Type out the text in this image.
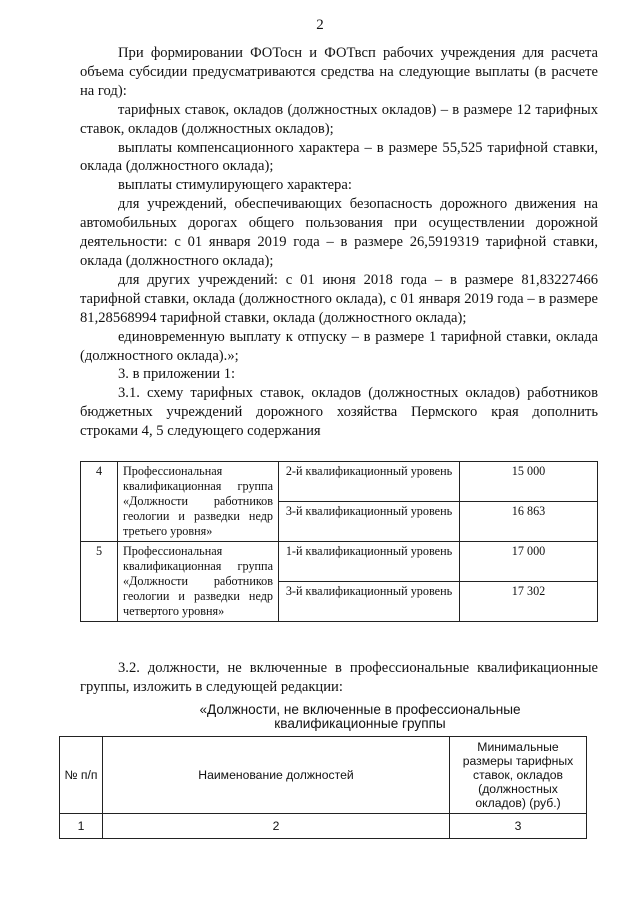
2

При формировании ФОТосн и ФОТвсп рабочих учреждения для расчета объема субсидии предусматриваются средства на следующие выплаты (в расчете на год):

тарифных ставок, окладов (должностных окладов) – в размере 12 тарифных ставок, окладов (должностных окладов);

выплаты компенсационного характера – в размере 55,525 тарифной ставки, оклада (должностного оклада);

выплаты стимулирующего характера:

для учреждений, обеспечивающих безопасность дорожного движения на автомобильных дорогах общего пользования при осуществлении дорожной деятельности: с 01 января 2019 года – в размере 26,5919319 тарифной ставки, оклада (должностного оклада);

для других учреждений: с 01 июня 2018 года – в размере 81,83227466 тарифной ставки, оклада (должностного оклада), с 01 января 2019 года – в размере 81,28568994 тарифной ставки, оклада (должностного оклада);

единовременную выплату к отпуску – в размере 1 тарифной ставки, оклада (должностного оклада).»;

3. в приложении 1:

3.1. схему тарифных ставок, окладов (должностных окладов) работников бюджетных учреждений дорожного хозяйства Пермского края дополнить строками 4, 5 следующего содержания

4	Профессиональная квалификационная группа «Должности работников геологии и разведки недр третьего уровня»	2-й квалификационный уровень	15 000
		3-й квалификационный уровень	16 863
5	Профессиональная квалификационная группа «Должности работников геологии и разведки недр четвертого уровня»	1-й квалификационный уровень	17 000
		3-й квалификационный уровень	17 302

3.2. должности, не включенные в профессиональные квалификационные группы, изложить в следующей редакции:

«Должности, не включенные в профессиональные
квалификационные группы
№ п/п	Наименование должностей	Минимальные размеры тарифных ставок, окладов (должностных окладов) (руб.)
1	2	3
